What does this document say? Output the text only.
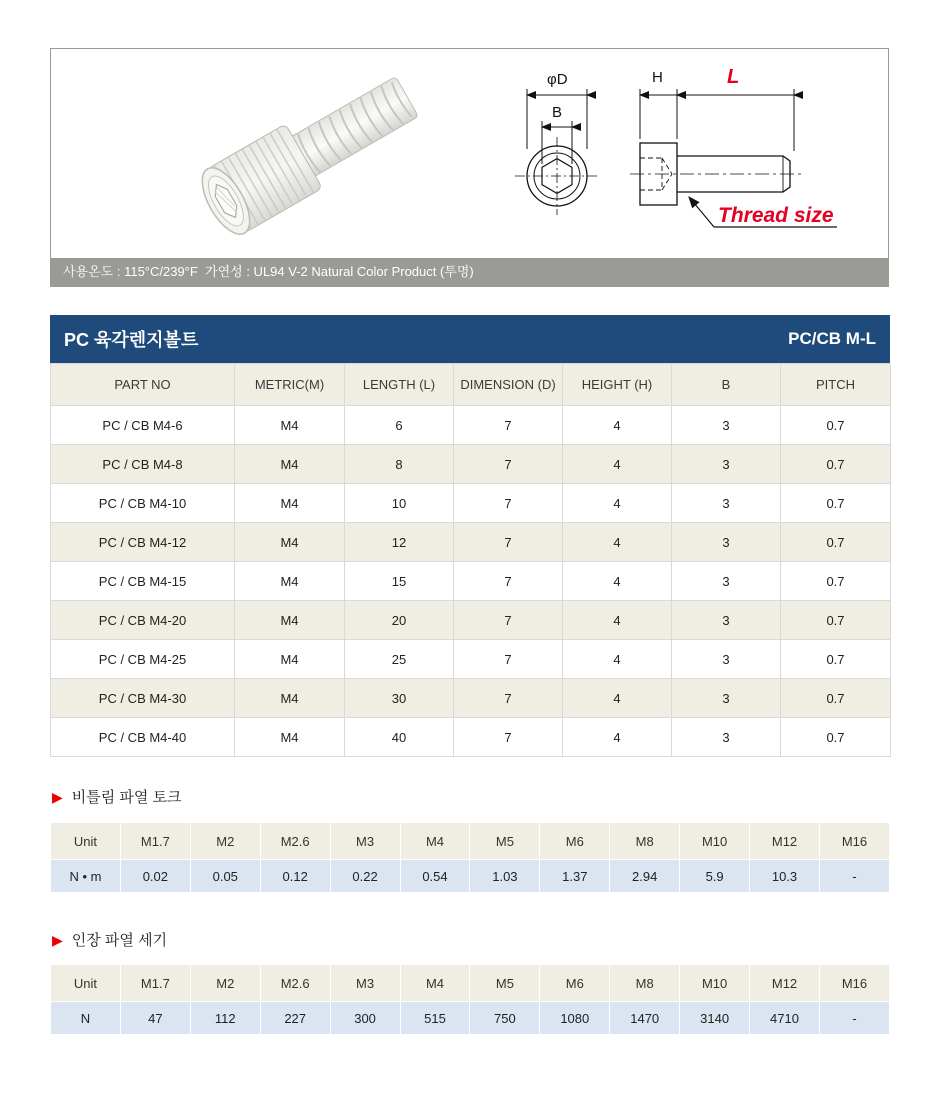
φD
B
H	L
Thread size
사용온도 : 115°C/239°F  가연성 : UL94 V-2 Natural Color Product (투명)
PC 육각렌지볼트	PC/CB M-L
PART NO	METRIC(M)	LENGTH (L)	DIMENSION (D)	HEIGHT (H)	B	PITCH
PC / CB M4-6	M4	6	7	4	3	0.7
PC / CB M4-8	M4	8	7	4	3	0.7
PC / CB M4-10	M4	10	7	4	3	0.7
PC / CB M4-12	M4	12	7	4	3	0.7
PC / CB M4-15	M4	15	7	4	3	0.7
PC / CB M4-20	M4	20	7	4	3	0.7
PC / CB M4-25	M4	25	7	4	3	0.7
PC / CB M4-30	M4	30	7	4	3	0.7
PC / CB M4-40	M4	40	7	4	3	0.7
▶ 비틀림 파열 토크
Unit	M1.7	M2	M2.6	M3	M4	M5	M6	M8	M10	M12	M16
N • m	0.02	0.05	0.12	0.22	0.54	1.03	1.37	2.94	5.9	10.3	-
▶ 인장 파열 세기
Unit	M1.7	M2	M2.6	M3	M4	M5	M6	M8	M10	M12	M16
N	47	112	227	300	515	750	1080	1470	3140	4710	-
